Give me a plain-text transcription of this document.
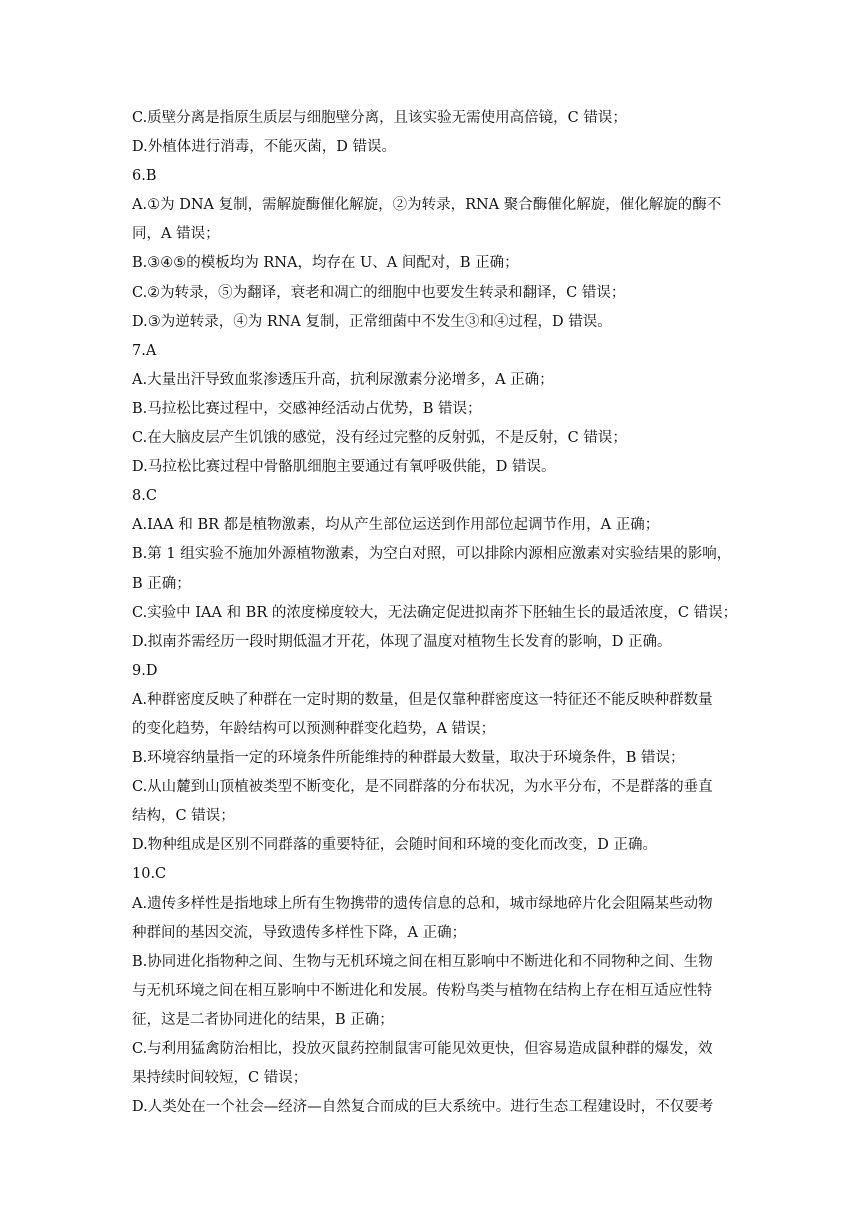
C.质壁分离是指原生质层与细胞壁分离，且该实验无需使用高倍镜，C 错误；
D.外植体进行消毒，不能灭菌，D 错误。
6.B
A.①为 DNA 复制，需解旋酶催化解旋，②为转录，RNA 聚合酶催化解旋，催化解旋的酶不
同，A 错误；
B.③④⑤的模板均为 RNA，均存在 U、A 间配对，B 正确；
C.②为转录，⑤为翻译，衰老和凋亡的细胞中也要发生转录和翻译，C 错误；
D.③为逆转录，④为 RNA 复制，正常细菌中不发生③和④过程，D 错误。
7.A
A.大量出汗导致血浆渗透压升高，抗利尿激素分泌增多，A 正确；
B.马拉松比赛过程中，交感神经活动占优势，B 错误；
C.在大脑皮层产生饥饿的感觉，没有经过完整的反射弧，不是反射，C 错误；
D.马拉松比赛过程中骨骼肌细胞主要通过有氧呼吸供能，D 错误。
8.C
A.IAA 和 BR 都是植物激素，均从产生部位运送到作用部位起调节作用，A 正确；
B.第 1 组实验不施加外源植物激素，为空白对照，可以排除内源相应激素对实验结果的影响，
B 正确；
C.实验中 IAA 和 BR 的浓度梯度较大，无法确定促进拟南芥下胚轴生长的最适浓度，C 错误；
D.拟南芥需经历一段时期低温才开花，体现了温度对植物生长发育的影响，D 正确。
9.D
A.种群密度反映了种群在一定时期的数量，但是仅靠种群密度这一特征还不能反映种群数量
的变化趋势，年龄结构可以预测种群变化趋势，A 错误；
B.环境容纳量指一定的环境条件所能维持的种群最大数量，取决于环境条件，B 错误；
C.从山麓到山顶植被类型不断变化，是不同群落的分布状况，为水平分布，不是群落的垂直
结构，C 错误；
D.物种组成是区别不同群落的重要特征，会随时间和环境的变化而改变，D 正确。
10.C
A.遗传多样性是指地球上所有生物携带的遗传信息的总和，城市绿地碎片化会阻隔某些动物
种群间的基因交流，导致遗传多样性下降，A 正确；
B.协同进化指物种之间、生物与无机环境之间在相互影响中不断进化和不同物种之间、生物
与无机环境之间在相互影响中不断进化和发展。传粉鸟类与植物在结构上存在相互适应性特
征，这是二者协同进化的结果，B 正确；
C.与利用猛禽防治相比，投放灭鼠药控制鼠害可能见效更快，但容易造成鼠种群的爆发，效
果持续时间较短，C 错误；
D.人类处在一个社会—经济—自然复合而成的巨大系统中。进行生态工程建设时，不仅要考
